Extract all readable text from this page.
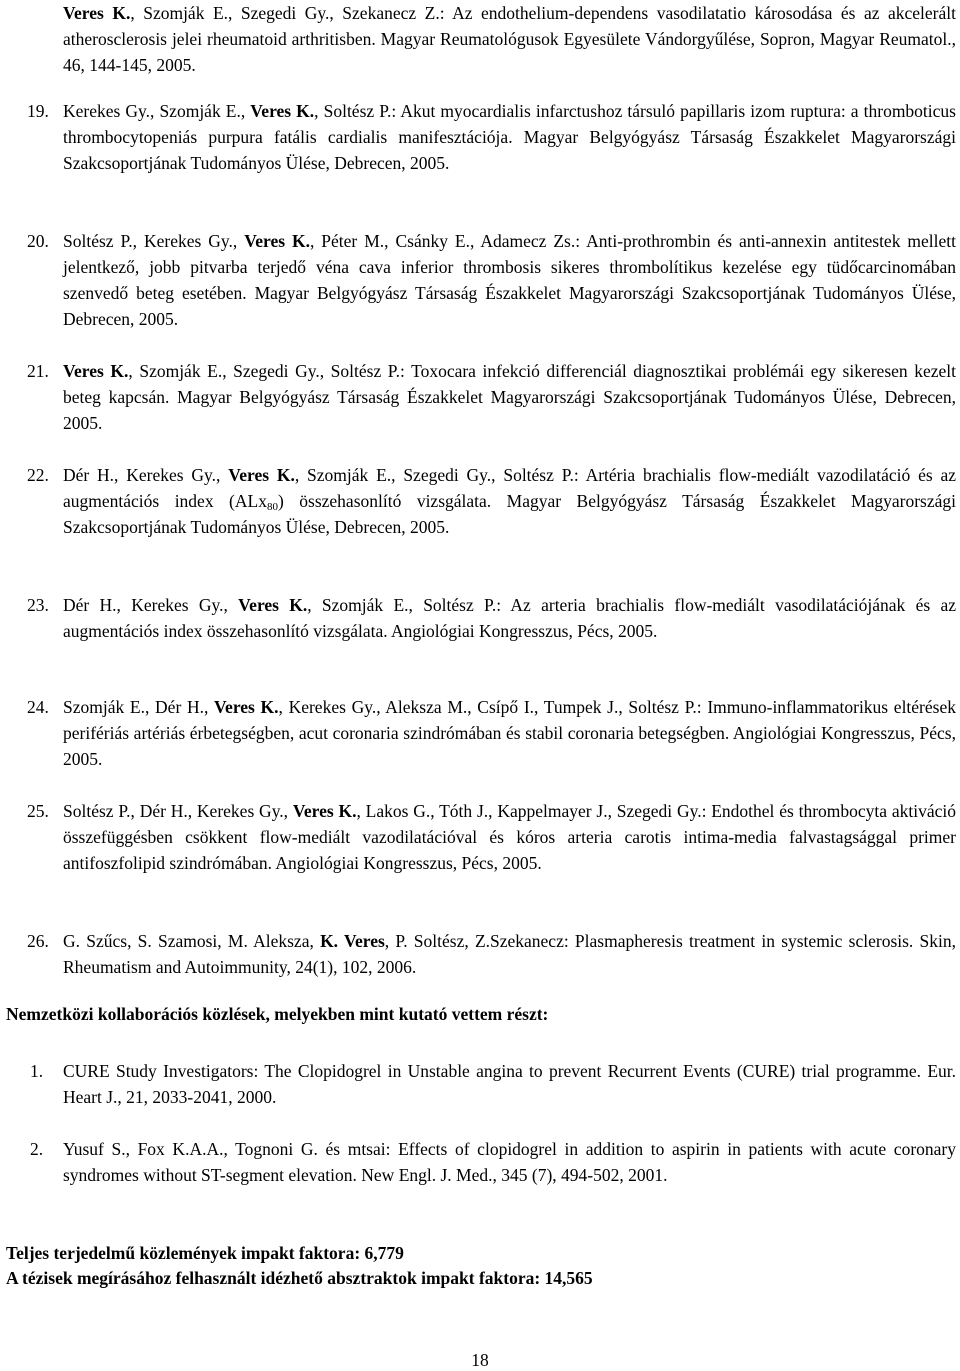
Veres K., Szomják E., Szegedi Gy., Szekanecz Z.: Az endothelium-dependens vasodilatatio károsodása és az akcelerált atherosclerosis jelei rheumatoid arthritisben. Magyar Reumatológusok Egyesülete Vándorgyűlése, Sopron, Magyar Reumatol., 46, 144-145, 2005.
19. Kerekes Gy., Szomják E., Veres K., Soltész P.: Akut myocardialis infarctushoz társuló papillaris izom ruptura: a thromboticus thrombocytopeniás purpura fatális cardialis manifesztációja. Magyar Belgyógyász Társaság Északkelet Magyarországi Szakcsoportjának Tudományos Ülése, Debrecen, 2005.
20. Soltész P., Kerekes Gy., Veres K., Péter M., Csánky E., Adamecz Zs.: Anti-prothrombin és anti-annexin antitestek mellett jelentkező, jobb pitvarba terjedő véna cava inferior thrombosis sikeres thrombolítikus kezelése egy tüdőcarcinomában szenvedő beteg esetében. Magyar Belgyógyász Társaság Északkelet Magyarországi Szakcsoportjának Tudományos Ülése, Debrecen, 2005.
21. Veres K., Szomják E., Szegedi Gy., Soltész P.: Toxocara infekció differenciál diagnosztikai problémái egy sikeresen kezelt beteg kapcsán. Magyar Belgyógyász Társaság Északkelet Magyarországi Szakcsoportjának Tudományos Ülése, Debrecen, 2005.
22. Dér H., Kerekes Gy., Veres K., Szomják E., Szegedi Gy., Soltész P.: Artéria brachialis flow-mediált vazodilatáció és az augmentációs index (ALx$_{80}$) összehasonlító vizsgálata. Magyar Belgyógyász Társaság Északkelet Magyarországi Szakcsoportjának Tudományos Ülése, Debrecen, 2005.
23. Dér H., Kerekes Gy., Veres K., Szomják E., Soltész P.: Az arteria brachialis flow-mediált vasodilatációjának és az augmentációs index összehasonlító vizsgálata. Angiológiai Kongresszus, Pécs, 2005.
24. Szomják E., Dér H., Veres K., Kerekes Gy., Aleksza M., Csípő I., Tumpek J., Soltész P.: Immuno-inflammatorikus eltérések perifériás artériás érbetegségben, acut coronaria szindrómában és stabil coronaria betegségben. Angiológiai Kongresszus, Pécs, 2005.
25. Soltész P., Dér H., Kerekes Gy., Veres K., Lakos G., Tóth J., Kappelmayer J., Szegedi Gy.: Endothel és thrombocyta aktiváció összefüggésben csökkent flow-mediált vazodilatációval és kóros arteria carotis intima-media falvastagsággal primer antifoszfolipid szindrómában. Angiológiai Kongresszus, Pécs, 2005.
26. G. Szűcs, S. Szamosi, M. Aleksza, K. Veres, P. Soltész, Z.Szekanecz: Plasmapheresis treatment in systemic sclerosis. Skin, Rheumatism and Autoimmunity, 24(1), 102, 2006.
Nemzetközi kollaborációs közlések, melyekben mint kutató vettem részt:
1.	CURE Study Investigators: The Clopidogrel in Unstable angina to prevent Recurrent Events (CURE) trial programme. Eur. Heart J., 21, 2033-2041, 2000.
2.	Yusuf S., Fox K.A.A., Tognoni G. és mtsai: Effects of clopidogrel in addition to aspirin in patients with acute coronary syndromes without ST-segment elevation. New Engl. J. Med., 345 (7), 494-502, 2001.
Teljes terjedelmű közlemények impakt faktora: 6,779
A tézisek megírásához felhasznált idézhető absztraktok impakt faktora: 14,565
18
